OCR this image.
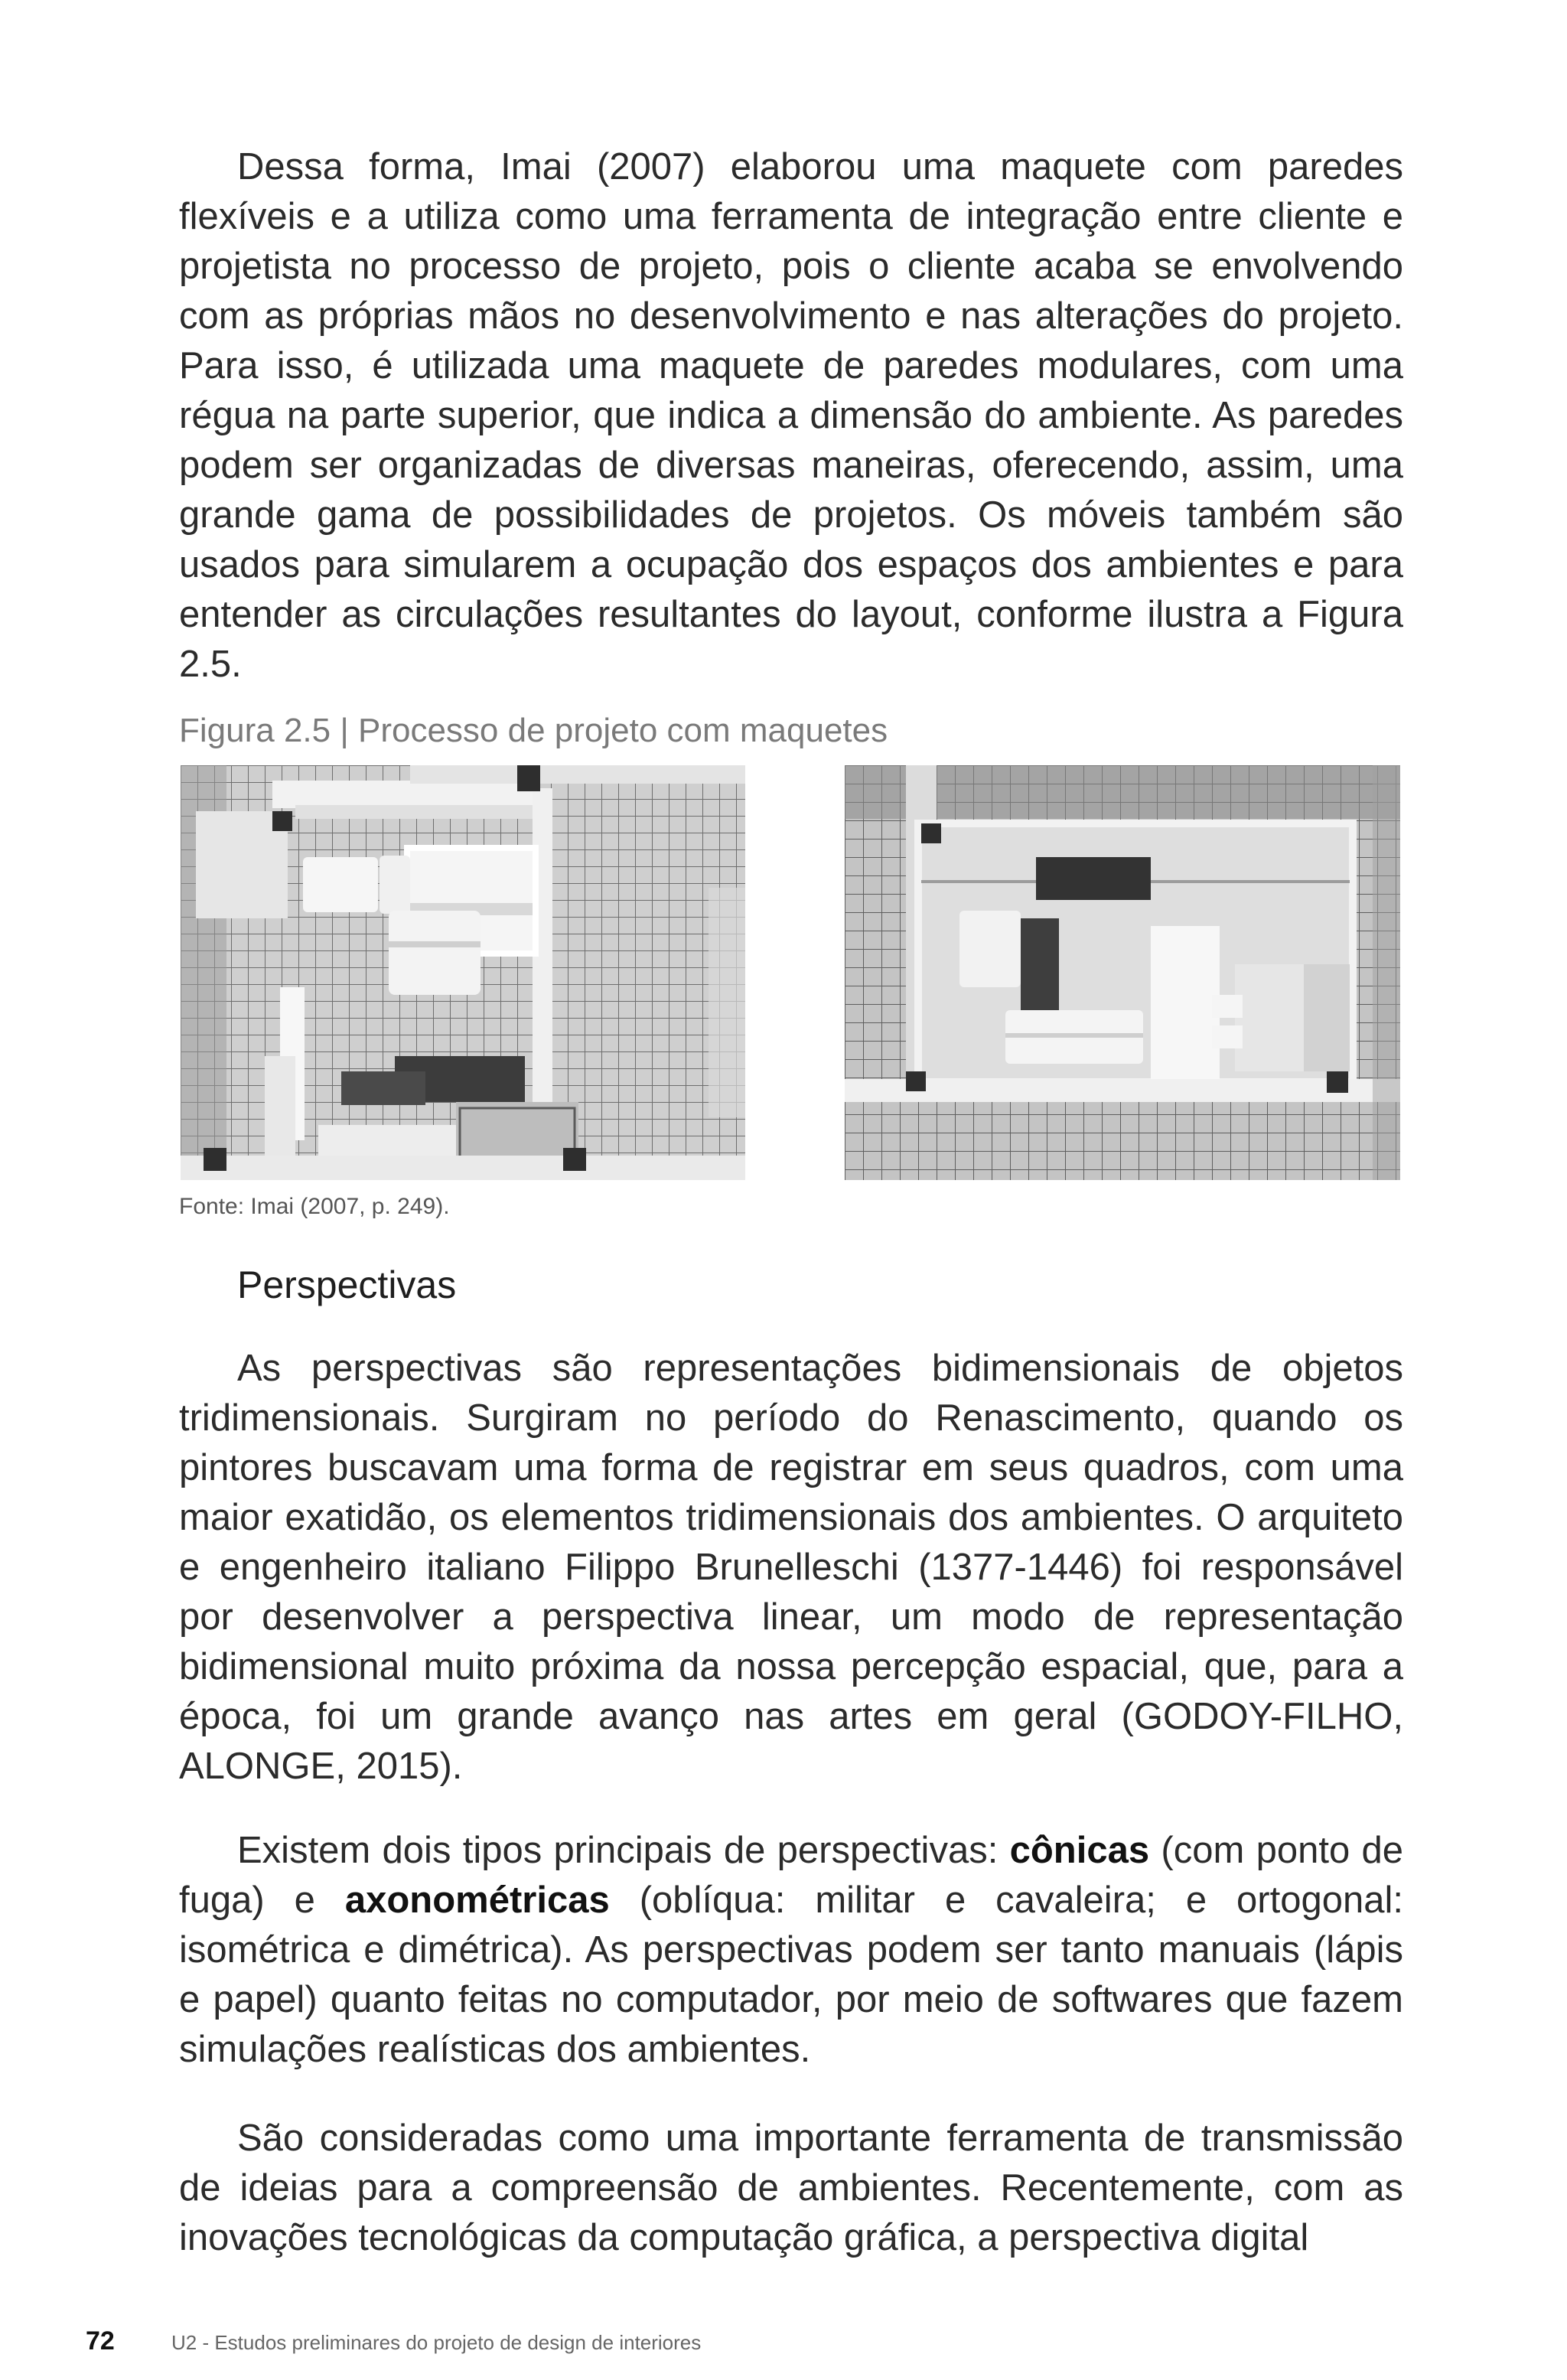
Dessa forma, Imai (2007) elaborou uma maquete com paredes flexíveis e a utiliza como uma ferramenta de integração entre cliente e projetista no processo de projeto, pois o cliente acaba se envolvendo com as próprias mãos no desenvolvimento e nas alterações do projeto. Para isso, é utilizada uma maquete de paredes modulares, com uma régua na parte superior, que indica a dimensão do ambiente. As paredes podem ser organizadas de diversas maneiras, oferecendo, assim, uma grande gama de possibilidades de projetos. Os móveis também são usados para simularem a ocupação dos espaços dos ambientes e para entender as circulações resultantes do layout, conforme ilustra a Figura 2.5.

Figura 2.5 | Processo de projeto com maquetes

Fonte: Imai (2007, p. 249).

Perspectivas

As perspectivas são representações bidimensionais de objetos tridimensionais. Surgiram no período do Renascimento, quando os pintores buscavam uma forma de registrar em seus quadros, com uma maior exatidão, os elementos tridimensionais dos ambientes. O arquiteto e engenheiro italiano Filippo Brunelleschi (1377-1446) foi responsável por desenvolver a perspectiva linear, um modo de representação bidimensional muito próxima da nossa percepção espacial, que, para a época, foi um grande avanço nas artes em geral (GODOY-FILHO, ALONGE, 2015).

Existem dois tipos principais de perspectivas: cônicas (com ponto de fuga) e axonométricas (oblíqua: militar e cavaleira; e ortogonal: isométrica e dimétrica). As perspectivas podem ser tanto manuais (lápis e papel) quanto feitas no computador, por meio de softwares que fazem simulações realísticas dos ambientes.

São consideradas como uma importante ferramenta de transmissão de ideias para a compreensão de ambientes. Recentemente, com as inovações tecnológicas da computação gráfica, a perspectiva digital

72	U2 - Estudos preliminares do projeto de design de interiores
